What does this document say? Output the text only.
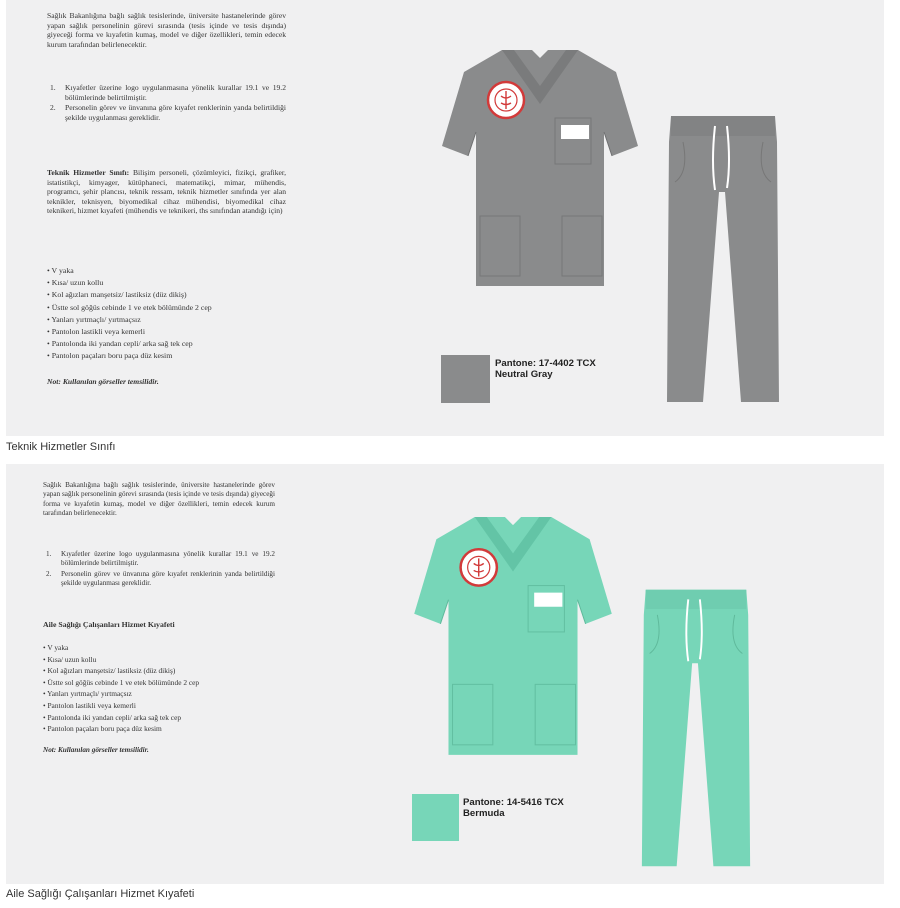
Sağlık Bakanlığına bağlı sağlık tesislerinde, üniversite hastanelerinde görev yapan sağlık personelinin görevi sırasında (tesis içinde ve tesis dışında) giyeceği forma ve kıyafetin kumaş, model ve diğer özellikleri, temin edecek kurum tarafından belirlenecektir.

1. Kıyafetler üzerine logo uygulanmasına yönelik kurallar 19.1 ve 19.2 bölümlerinde belirtilmiştir.
2. Personelin görev ve ünvanına göre kıyafet renklerinin yanda belirtildiği şekilde uygulanması gereklidir.

Teknik Hizmetler Sınıfı: Bilişim personeli, çözümleyici, fizikçi, grafiker, istatistikçi, kimyager, kütüphaneci, matematikçi, mimar, mühendis, programcı, şehir plancısı, teknik ressam, teknik hizmetler sınıfında yer alan teknikler, teknisyen, biyomedikal cihaz mühendisi, biyomedikal cihaz teknikeri, hizmet kıyafeti (mühendis ve teknikeri, ths sınıfından atandığı için)

• V yaka
• Kısa/ uzun kollu
• Kol ağızları manşetsiz/ lastiksiz (düz dikiş)
• Üstte sol göğüs cebinde 1 ve etek bölümünde 2 cep
• Yanları yırtmaçlı/ yırtmaçsız
• Pantolon lastikli veya kemerli
• Pantolonda iki yandan cepli/ arka sağ tek cep
• Pantolon paçaları boru paça düz kesim
Not: Kullanılan görseller temsilidir.
Pantone: 17-4402 TCX
Neutral Gray
Teknik Hizmetler Sınıfı

Sağlık Bakanlığına bağlı sağlık tesislerinde, üniversite hastanelerinde görev yapan sağlık personelinin görevi sırasında (tesis içinde ve tesis dışında) giyeceği forma ve kıyafetin kumaş, model ve diğer özellikleri, temin edecek kurum tarafından belirlenecektir.

1. Kıyafetler üzerine logo uygulanmasına yönelik kurallar 19.1 ve 19.2 bölümlerinde belirtilmiştir.
2. Personelin görev ve ünvanına göre kıyafet renklerinin yanda belirtildiği şekilde uygulanması gereklidir.
Aile Sağlığı Çalışanları Hizmet Kıyafeti
• V yaka
• Kısa/ uzun kollu
• Kol ağızları manşetsiz/ lastiksiz (düz dikiş)
• Üstte sol göğüs cebinde 1 ve etek bölümünde 2 cep
• Yanları yırtmaçlı/ yırtmaçsız
• Pantolon lastikli veya kemerli
• Pantolonda iki yandan cepli/ arka sağ tek cep
• Pantolon paçaları boru paça düz kesim
Not: Kullanılan görseller temsilidir.
Pantone: 14-5416 TCX
Bermuda
Aile Sağlığı Çalışanları Hizmet Kıyafeti
